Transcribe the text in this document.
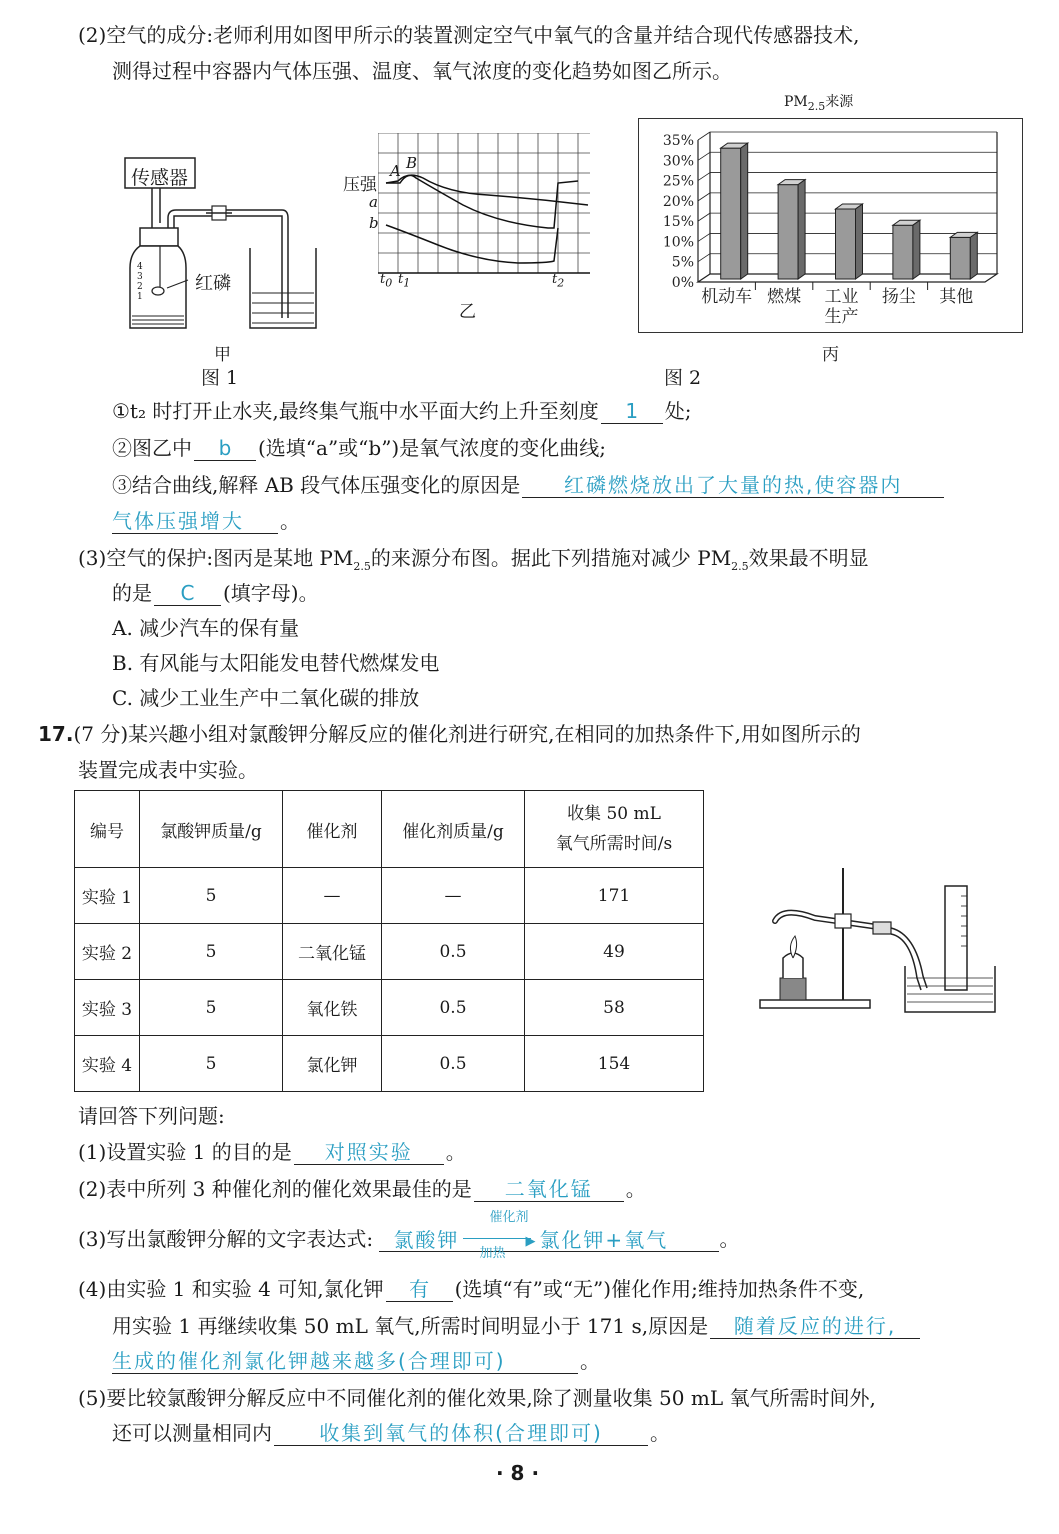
(2)空气的成分:老师利用如图甲所示的装置测定空气中氧气的含量并结合现代传感器技术,
测得过程中容器内气体压强、温度、氧气浓度的变化趋势如图乙所示。
传感器
红磷
4
3
2
1
甲
压强
A B
a
b
$t_0$ $t_1$	$t_2$
乙
图 1	图 2
$PM_{2.5}$来源
35%
30%
25%
20%
15%
10%
5%
0%
机动车 燃煤 工业
生产
扬尘 其他
丙
①t₂ 时打开止水夹,最终集气瓶中水平面大约上升至刻度 1 处;
②图乙中 b (选填“a”或“b”)是氧气浓度的变化曲线;
③结合曲线,解释 AB 段气体压强变化的原因是 红磷燃烧放出了大量的热,使容器内
气体压强增大 。
(3)空气的保护:图丙是某地 $PM_{2.5}$的来源分布图。据此下列措施对减少 $PM_{2.5}$效果最不明显
的是 C (填字母)。
A. 减少汽车的保有量
B. 有风能与太阳能发电替代燃煤发电
C. 减少工业生产中二氧化碳的排放
17.(7 分)某兴趣小组对氯酸钾分解反应的催化剂进行研究,在相同的加热条件下,用如图所示的
装置完成表中实验。
编号	氯酸钾质量/g	催化剂	催化剂质量/g	收集 50 mL
氧气所需时间/s

实验 1	5	—	—	171
实验 2	5	二氧化锰	0.5	49
实验 3	5	氧化铁	0.5	58
实验 4	5	氯化钾	0.5	154
请回答下列问题:
(1)设置实验 1 的目的是 对照实验 。
(2)表中所列 3 种催化剂的催化效果最佳的是 二氧化锰 。
(3)写出氯酸钾分解的文字表达式: 氯酸钾
催化剂
▶
加热
氯化钾+氧气	。
(4)由实验 1 和实验 4 可知,氯化钾 有 (选填“有”或“无”)催化作用;维持加热条件不变,
用实验 1 再继续收集 50 mL 氧气,所需时间明显小于 171 s,原因是 随着反应的进行,
生成的催化剂氯化钾越来越多(合理即可)	。
(5)要比较氯酸钾分解反应中不同催化剂的催化效果,除了测量收集 50 mL 氧气所需时间外,
还可以测量相同内 收集到氧气的体积(合理即可) 。
· 8 ·
